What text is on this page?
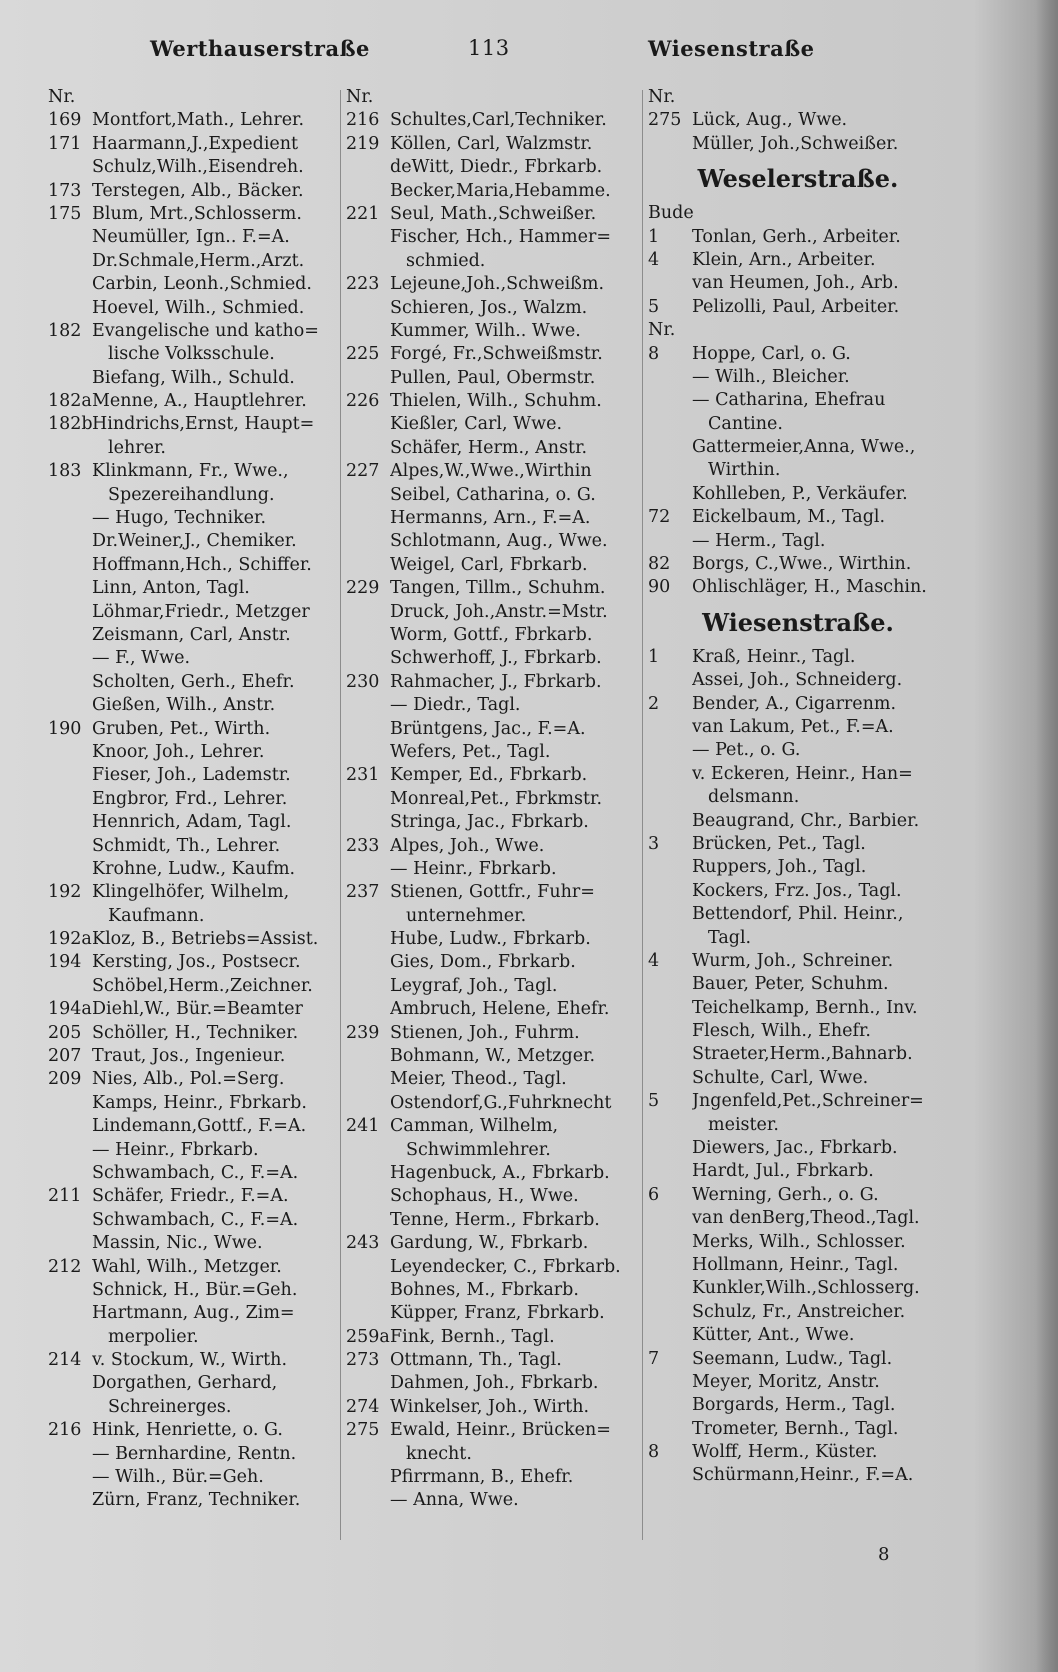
Werthauserstraße	113	Wiesenstraße
Nr.
169 Montfort,Math., Lehrer.
171 Haarmann,J.,Expedient
Schulz,Wilh.,Eisendreh.
173 Terstegen, Alb., Bäcker.
175 Blum, Mrt.,Schlosserm.
Neumüller, Ign.. F.=A.
Dr.Schmale,Herm.,Arzt.
Carbin, Leonh.,Schmied.
Hoevel, Wilh., Schmied.
182 Evangelische und katho=
lische Volksschule.
Biefang, Wilh., Schuld.
182a Menne, A., Hauptlehrer.
182b Hindrichs,Ernst, Haupt=
lehrer.
183 Klinkmann, Fr., Wwe.,
Spezereihandlung.
— Hugo, Techniker.
Dr.Weiner,J., Chemiker.
Hoffmann,Hch., Schiffer.
Linn, Anton, Tagl.
Löhmar,Friedr., Metzger
Zeismann, Carl, Anstr.
— F., Wwe.
Scholten, Gerh., Ehefr.
Gießen, Wilh., Anstr.
190 Gruben, Pet., Wirth.
Knoor, Joh., Lehrer.
Fieser, Joh., Lademstr.
Engbror, Frd., Lehrer.
Hennrich, Adam, Tagl.
Schmidt, Th., Lehrer.
Krohne, Ludw., Kaufm.
192 Klingelhöfer, Wilhelm,
Kaufmann.
192a Kloz, B., Betriebs=Assist.
194 Kersting, Jos., Postsecr.
Schöbel,Herm.,Zeichner.
194a Diehl,W., Bür.=Beamter
205 Schöller, H., Techniker.
207 Traut, Jos., Ingenieur.
209 Nies, Alb., Pol.=Serg.
Kamps, Heinr., Fbrkarb.
Lindemann,Gottf., F.=A.
— Heinr., Fbrkarb.
Schwambach, C., F.=A.
211 Schäfer, Friedr., F.=A.
Schwambach, C., F.=A.
Massin, Nic., Wwe.
212 Wahl, Wilh., Metzger.
Schnick, H., Bür.=Geh.
Hartmann, Aug., Zim=
merpolier.
214 v. Stockum, W., Wirth.
Dorgathen, Gerhard,
Schreinerges.
216 Hink, Henriette, o. G.
— Bernhardine, Rentn.
— Wilh., Bür.=Geh.
Zürn, Franz, Techniker.
Nr.
216 Schultes,Carl,Techniker.
219 Köllen, Carl, Walzmstr.
deWitt, Diedr., Fbrkarb.
Becker,Maria,Hebamme.
221 Seul, Math.,Schweißer.
Fischer, Hch., Hammer=
schmied.
223 Lejeune,Joh.,Schweißm.
Schieren, Jos., Walzm.
Kummer, Wilh.. Wwe.
225 Forgé, Fr.,Schweißmstr.
Pullen, Paul, Obermstr.
226 Thielen, Wilh., Schuhm.
Kießler, Carl, Wwe.
Schäfer, Herm., Anstr.
227 Alpes,W.,Wwe.,Wirthin
Seibel, Catharina, o. G.
Hermanns, Arn., F.=A.
Schlotmann, Aug., Wwe.
Weigel, Carl, Fbrkarb.
229 Tangen, Tillm., Schuhm.
Druck, Joh.,Anstr.=Mstr.
Worm, Gottf., Fbrkarb.
Schwerhoff, J., Fbrkarb.
230 Rahmacher, J., Fbrkarb.
— Diedr., Tagl.
Brüntgens, Jac., F.=A.
Wefers, Pet., Tagl.
231 Kemper, Ed., Fbrkarb.
Monreal,Pet., Fbrkmstr.
Stringa, Jac., Fbrkarb.
233 Alpes, Joh., Wwe.
— Heinr., Fbrkarb.
237 Stienen, Gottfr., Fuhr=
unternehmer.
Hube, Ludw., Fbrkarb.
Gies, Dom., Fbrkarb.
Leygraf, Joh., Tagl.
Ambruch, Helene, Ehefr.
239 Stienen, Joh., Fuhrm.
Bohmann, W., Metzger.
Meier, Theod., Tagl.
Ostendorf,G.,Fuhrknecht
241 Camman, Wilhelm,
Schwimmlehrer.
Hagenbuck, A., Fbrkarb.
Schophaus, H., Wwe.
Tenne, Herm., Fbrkarb.
243 Gardung, W., Fbrkarb.
Leyendecker, C., Fbrkarb.
Bohnes, M., Fbrkarb.
Küpper, Franz, Fbrkarb.
259a Fink, Bernh., Tagl.
273 Ottmann, Th., Tagl.
Dahmen, Joh., Fbrkarb.
274 Winkelser, Joh., Wirth.
275 Ewald, Heinr., Brücken=
knecht.
Pfirrmann, B., Ehefr.
— Anna, Wwe.
Nr.
275 Lück, Aug., Wwe.
Müller, Joh.,Schweißer.
Weselerstraße.
Bude
1	Tonlan, Gerh., Arbeiter.
4	Klein, Arn., Arbeiter.
van Heumen, Joh., Arb.
5	Pelizolli, Paul, Arbeiter.
Nr.
8	Hoppe, Carl, o. G.
— Wilh., Bleicher.
— Catharina, Ehefrau
Cantine.
Gattermeier,Anna, Wwe.,
Wirthin.
Kohlleben, P., Verkäufer.
72	Eickelbaum, M., Tagl.
— Herm., Tagl.
82	Borgs, C.,Wwe., Wirthin.
90	Ohlischläger, H., Maschin.
Wiesenstraße.
1	Kraß, Heinr., Tagl.
Assei, Joh., Schneiderg.
2	Bender, A., Cigarrenm.
van Lakum, Pet., F.=A.
— Pet., o. G.
v. Eckeren, Heinr., Han=
delsmann.
Beaugrand, Chr., Barbier.
3	Brücken, Pet., Tagl.
Ruppers, Joh., Tagl.
Kockers, Frz. Jos., Tagl.
Bettendorf, Phil. Heinr.,
Tagl.
4	Wurm, Joh., Schreiner.
Bauer, Peter, Schuhm.
Teichelkamp, Bernh., Inv.
Flesch, Wilh., Ehefr.
Straeter,Herm.,Bahnarb.
Schulte, Carl, Wwe.
5	Jngenfeld,Pet.,Schreiner=
meister.
Diewers, Jac., Fbrkarb.
Hardt, Jul., Fbrkarb.
6	Werning, Gerh., o. G.
van denBerg,Theod.,Tagl.
Merks, Wilh., Schlosser.
Hollmann, Heinr., Tagl.
Kunkler,Wilh.,Schlosserg.
Schulz, Fr., Anstreicher.
Kütter, Ant., Wwe.
7	Seemann, Ludw., Tagl.
Meyer, Moritz, Anstr.
Borgards, Herm., Tagl.
Trometer, Bernh., Tagl.
8	Wolff, Herm., Küster.
Schürmann,Heinr., F.=A.
8
